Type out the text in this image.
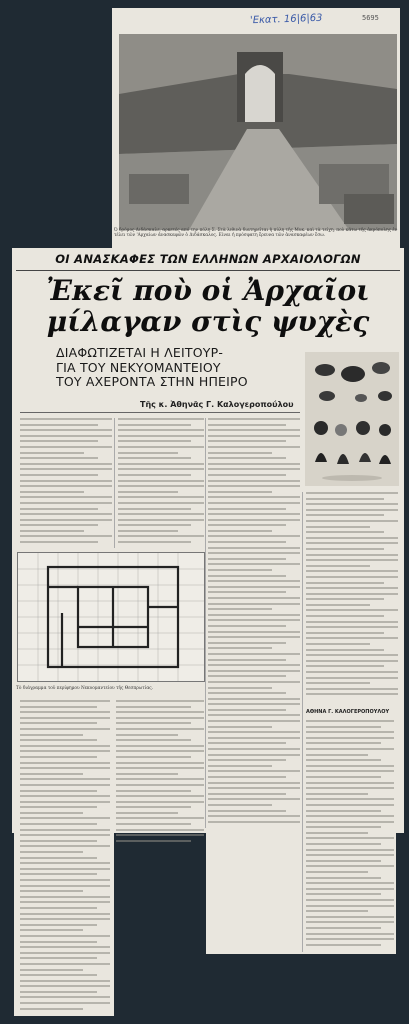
'Εκατ. 16|6|63	5695
Ό δρόμος Διδάσκαλε, αρκετές από την πόλη Σ. Στὰ λιθινὰ διατηρεῖται ἡ πύλη τῆς Μυκ. καὶ τὰ τείχη, ποὺ κάτω τῆς ἀκρόπολης ἐν τέλει τῶν 'Αρχαίων ἀνασκαφῶν ὁ Διδάσκαλος. Είναι ἡ πρόσφατη ἔρευνα τῶν ἀνασκαφέων ἔσω.
ΟΙ ΑΝΑΣΚΑΦΕΣ ΤΩΝ ΕΛΛΗΝΩΝ ΑΡΧΑΙΟΛΟΓΩΝ
Ἐκεῖ ποὺ οἱ Ἀρχαῖοι
μίλαγαν στὶς ψυχὲς
ΔΙΑΦΩΤΙΖΕΤΑΙ Η ΛΕΙΤΟΥΡ-
ΓΙΑ ΤΟΥ ΝΕΚΥΟΜΑΝΤΕΙΟΥ
ΤΟΥ ΑΧΕΡΟΝΤΑ ΣΤΗΝ ΗΠΕΙΡΟ
Τῆς κ. Ἀθηνᾶς Γ. Καλογεροπούλου
Τὸ διάγραμμα τοῦ περίφημου Νεκυομαντείου τῆς Θεσπρωτίας.
ΑΘΗΝΑ Γ. ΚΑΛΟΓΕΡΟΠΟΥΛΟΥ
